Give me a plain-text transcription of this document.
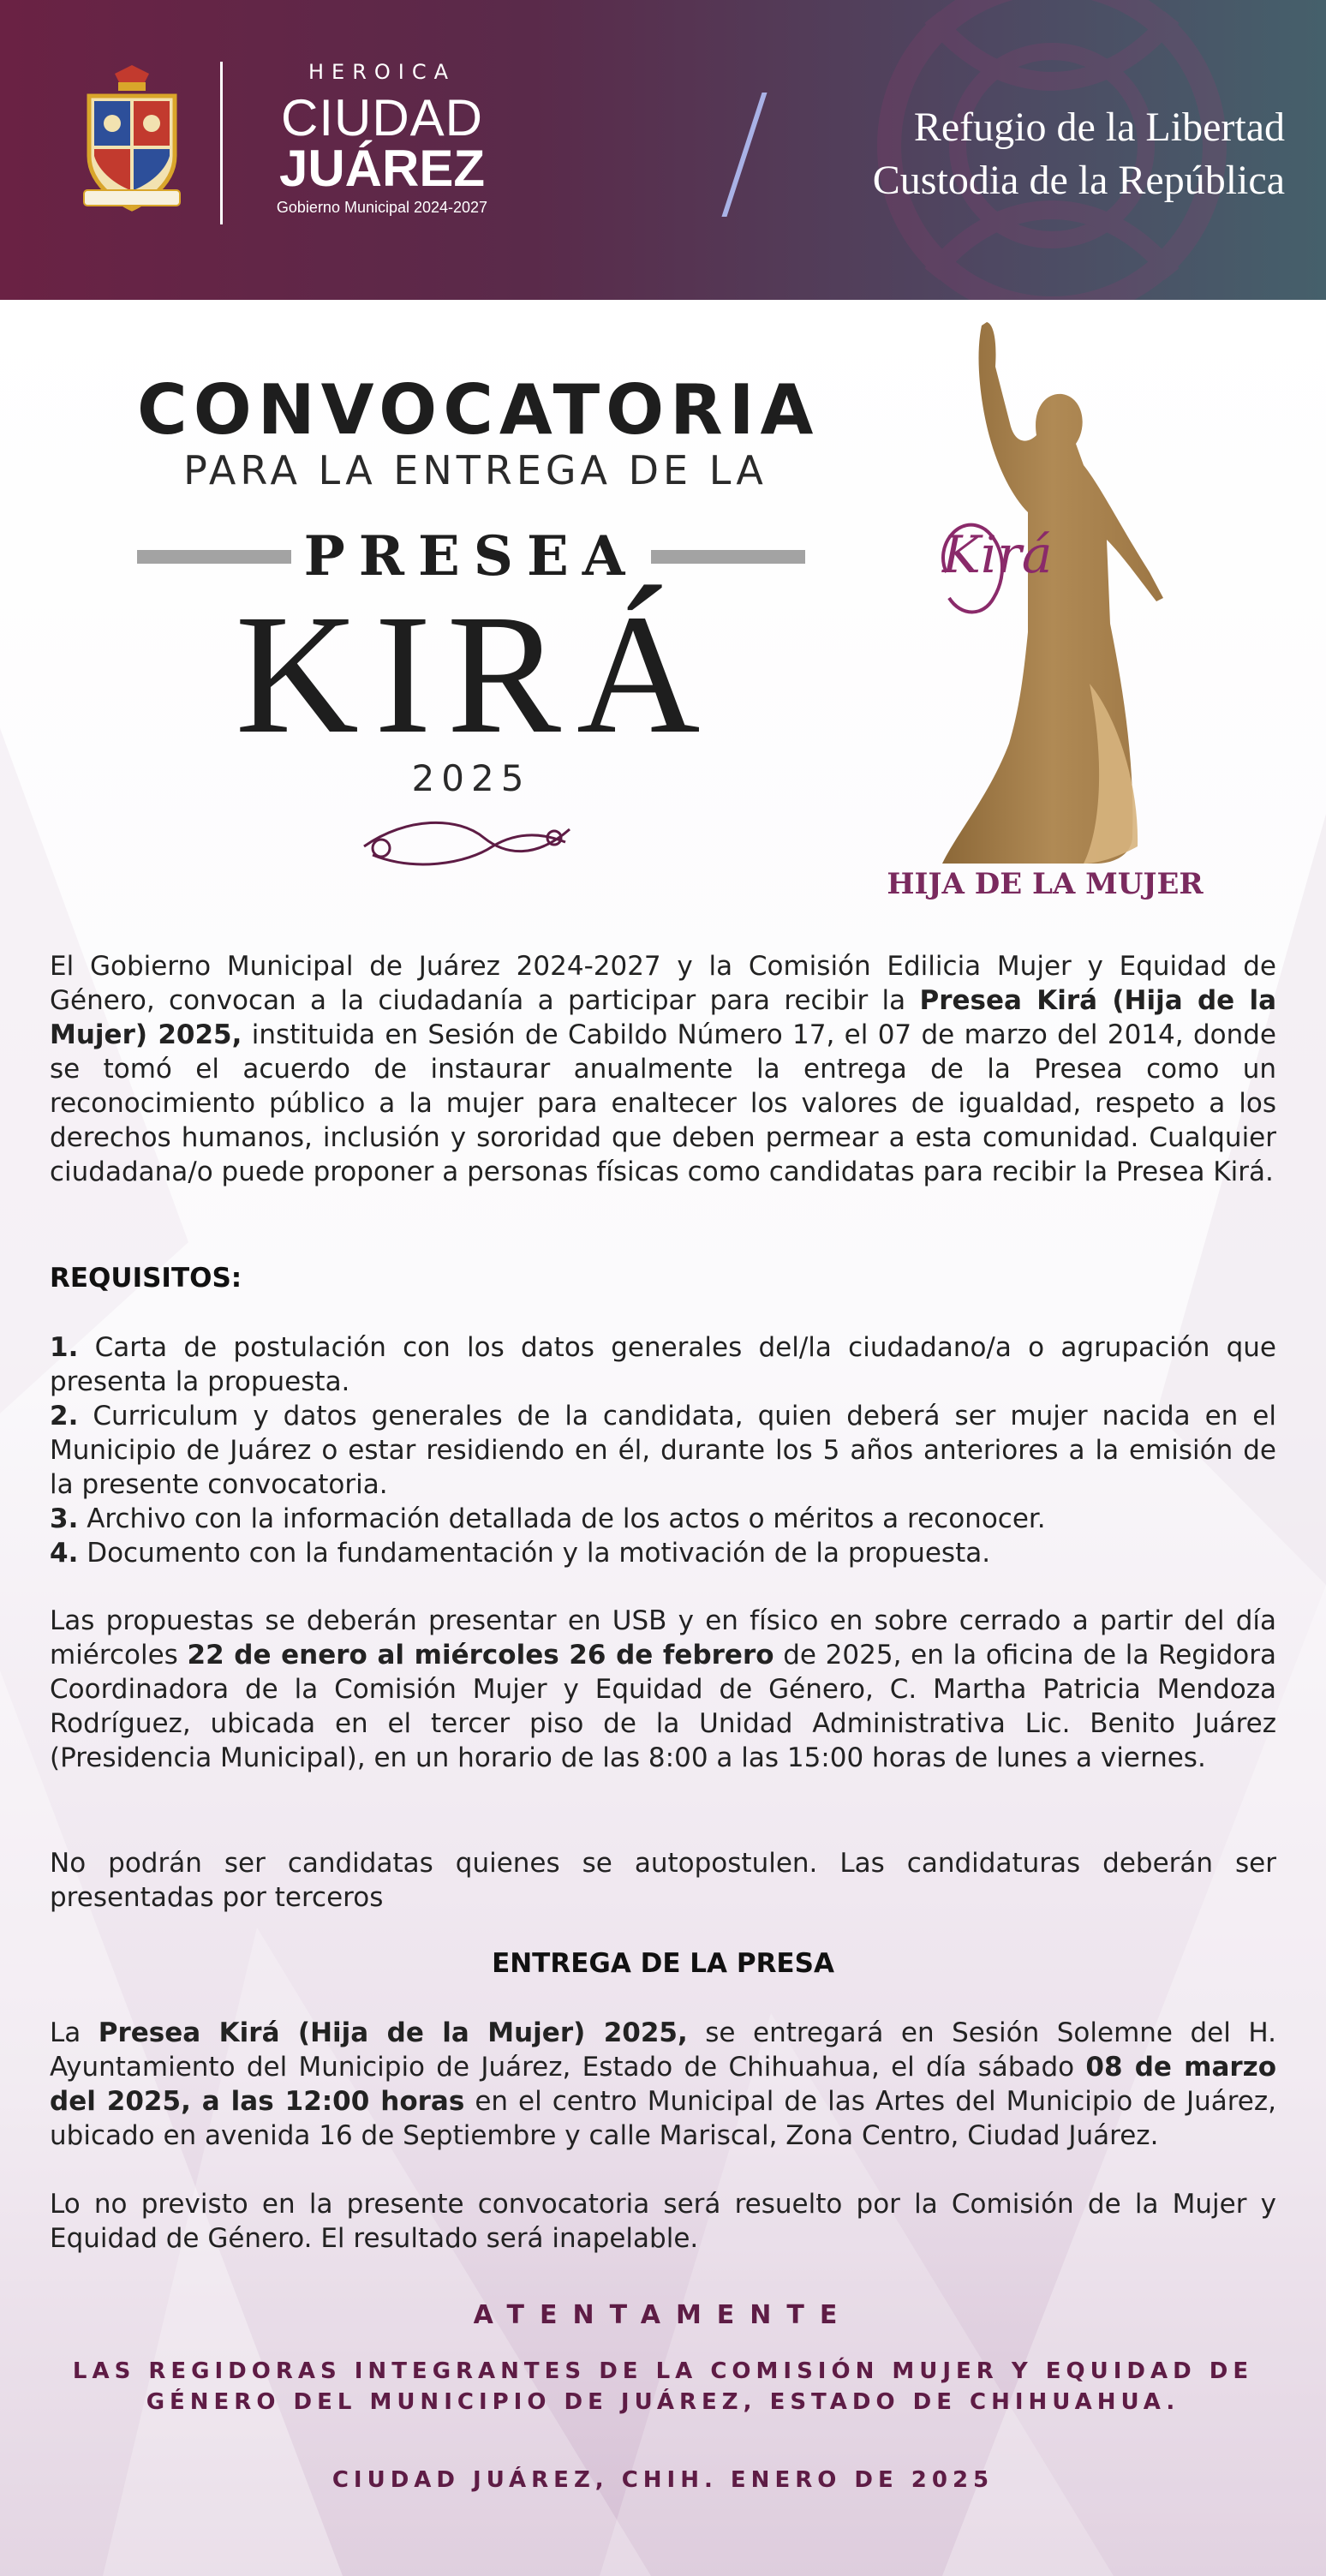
HEROICA
CIUDAD
JUÁREZ
Gobierno Municipal 2024-2027
Refugio de la Libertad
Custodia de la República
CONVOCATORIA
PARA LA ENTREGA DE LA
PRESEA
KIRÁ
2025
Kirá
HIJA DE LA MUJER
El Gobierno Municipal de Juárez 2024-2027 y la Comisión Edilicia Mujer y Equidad de Género, convocan a la ciudadanía a participar para recibir la Presea Kirá (Hija de la Mujer) 2025, instituida en Sesión de Cabildo Número 17, el 07 de marzo del 2014, donde se tomó el acuerdo de instaurar anualmente la entrega de la Presea como un reconocimiento público a la mujer para enaltecer los valores de igualdad, respeto a los derechos humanos, inclusión y sororidad que deben permear a esta comunidad. Cualquier ciudadana/o puede proponer a personas físicas como candidatas para recibir la Presea Kirá.
REQUISITOS:

1. Carta de postulación con los datos generales del/la ciudadano/a o agrupación que presenta la propuesta.

2. Curriculum y datos generales de la candidata, quien deberá ser mujer nacida en el Municipio de Juárez o estar residiendo en él, durante los 5 años anteriores a la emisión de la presente convocatoria.

3. Archivo con la información detallada de los actos o méritos a reconocer.

4. Documento con la fundamentación y la motivación de la propuesta.

Las propuestas se deberán presentar en USB y en físico en sobre cerrado a partir del día miércoles 22 de enero al miércoles 26 de febrero de 2025, en la oficina de la Regidora Coordinadora de la Comisión Mujer y Equidad de Género, C. Martha Patricia Mendoza Rodríguez, ubicada en el tercer piso de la Unidad Administrativa Lic. Benito Juárez (Presidencia Municipal), en un horario de las 8:00 a las 15:00 horas de lunes a viernes.
No podrán ser candidatas quienes se autopostulen. Las candidaturas deberán ser presentadas por terceros
ENTREGA DE LA PRESA
La Presea Kirá (Hija de la Mujer) 2025, se entregará en Sesión Solemne del H. Ayuntamiento del Municipio de Juárez, Estado de Chihuahua, el día sábado 08 de marzo del 2025, a las 12:00 horas en el centro Municipal de las Artes del Municipio de Juárez, ubicado en avenida 16 de Septiembre y calle Mariscal, Zona Centro, Ciudad Juárez.
Lo no previsto en la presente convocatoria será resuelto por la Comisión de la Mujer y Equidad de Género. El resultado será inapelable.
ATENTAMENTE
LAS REGIDORAS INTEGRANTES DE LA COMISIÓN MUJER Y EQUIDAD DE
GÉNERO DEL MUNICIPIO DE JUÁREZ, ESTADO DE CHIHUAHUA.
CIUDAD JUÁREZ, CHIH. ENERO DE 2025
